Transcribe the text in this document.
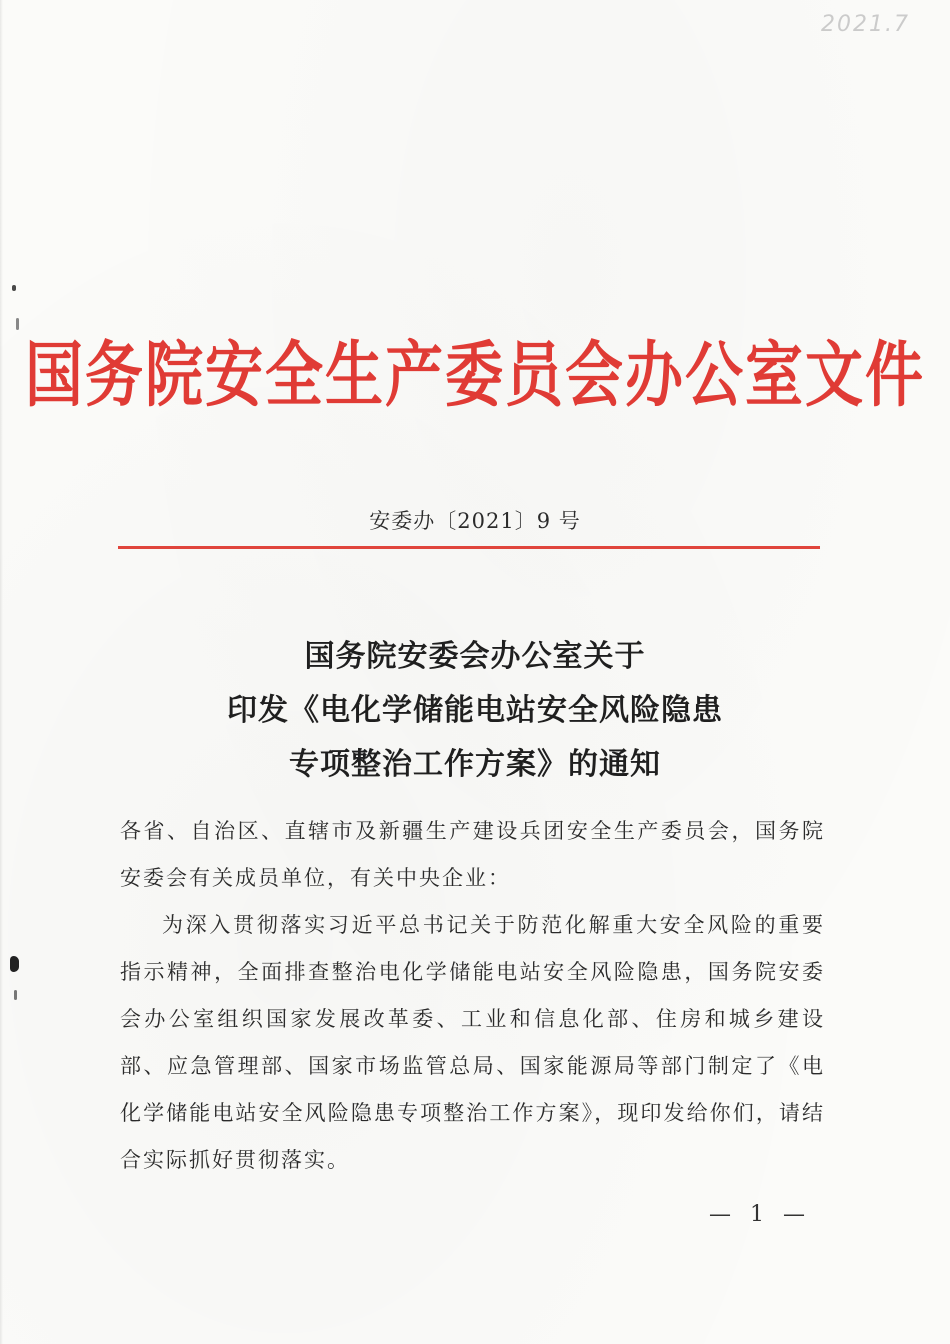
2021.7
国务院安全生产委员会办公室文件
安委办〔2021〕9 号
国务院安委会办公室关于
印发《电化学储能电站安全风险隐患
专项整治工作方案》的通知

各省、自治区、直辖市及新疆生产建设兵团安全生产委员会，国务院安委会有关成员单位，有关中央企业：

为深入贯彻落实习近平总书记关于防范化解重大安全风险的重要指示精神，全面排查整治电化学储能电站安全风险隐患，国务院安委会办公室组织国家发展改革委、工业和信息化部、住房和城乡建设部、应急管理部、国家市场监管总局、国家能源局等部门制定了《电化学储能电站安全风险隐患专项整治工作方案》，现印发给你们，请结合实际抓好贯彻落实。

— 1 —
